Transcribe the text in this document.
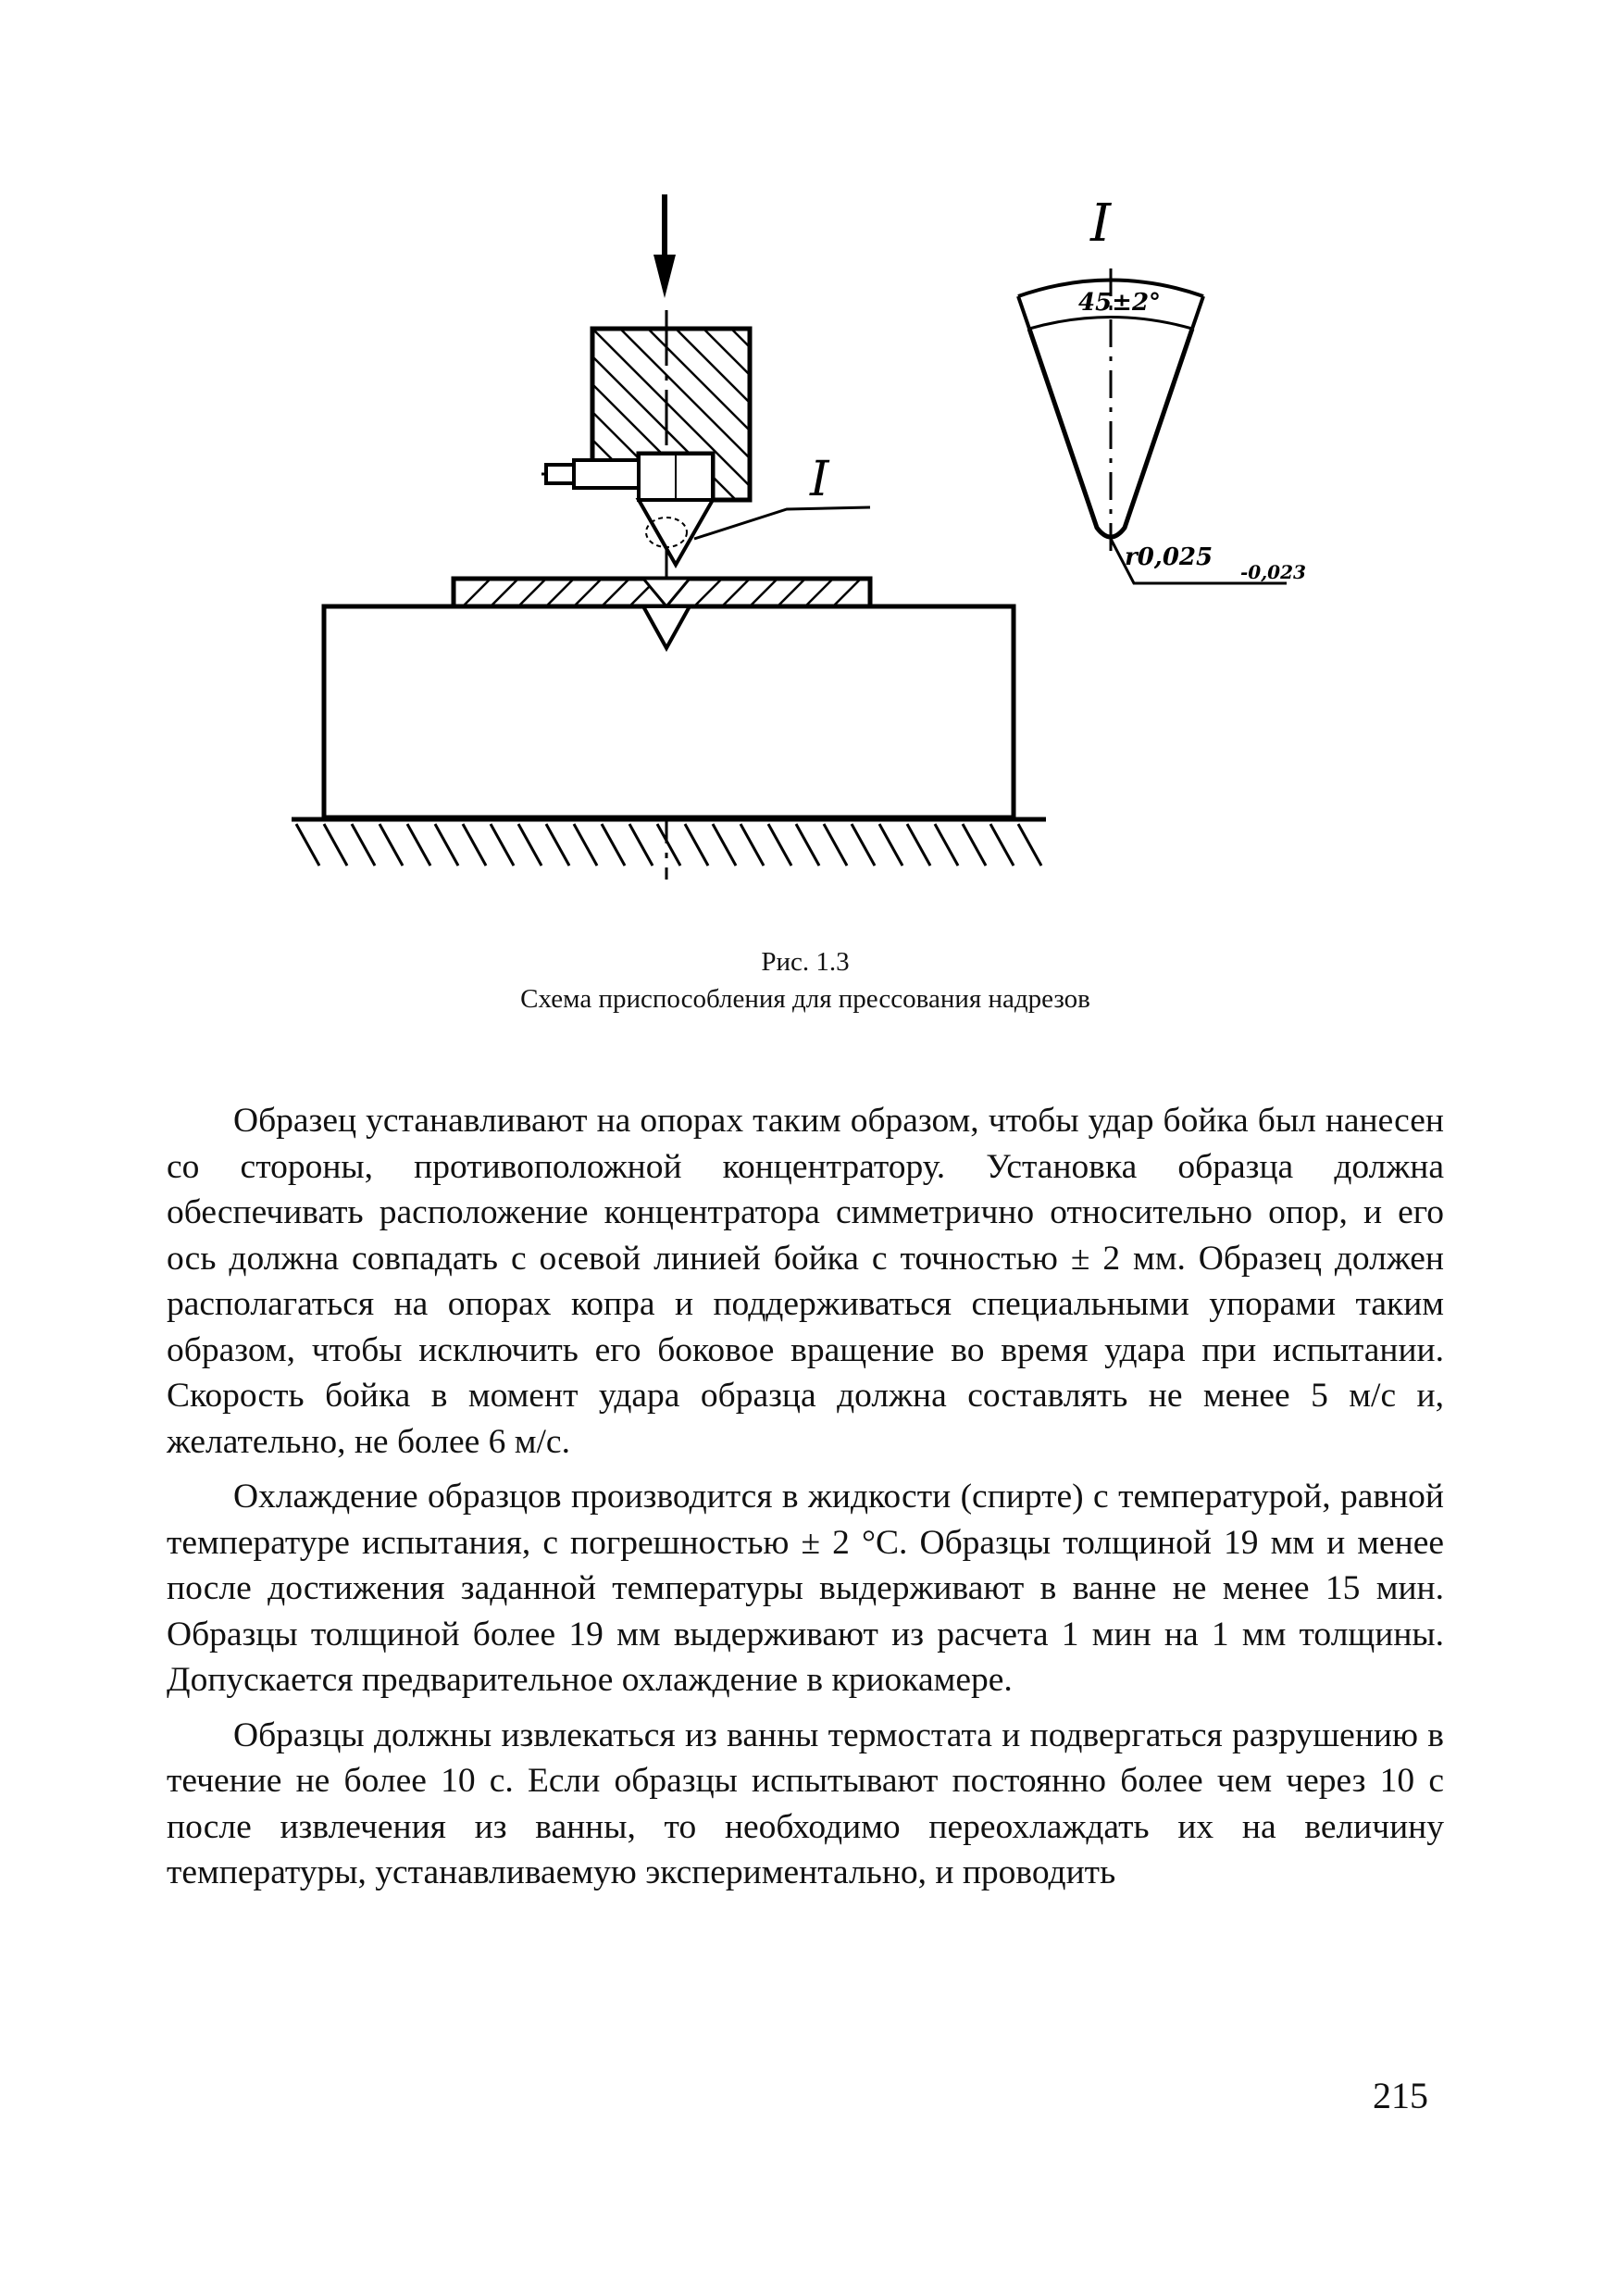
I
I
45±2°
r0,025
-0,023
Рис. 1.3
Схема приспособления для прессования надрезов

Образец устанавливают на опорах таким образом, чтобы удар бойка был нанесен со стороны, противоположной концентратору. Установка образца должна обеспечивать расположение концентратора симметрично относительно опор, и его ось должна совпадать с осевой линией бойка с точностью ± 2 мм. Образец должен располагаться на опорах копра и поддерживаться специальными упорами таким образом, чтобы исключить его боковое вращение во время удара при испытании. Скорость бойка в момент удара образца должна составлять не менее 5 м/с и, желательно, не более 6 м/с.

Охлаждение образцов производится в жидкости (спирте) с температурой, равной температуре испытания, с погрешностью ± 2 °С. Образцы толщиной 19 мм и менее после достижения заданной температуры выдерживают в ванне не менее 15 мин. Образцы толщиной более 19 мм выдерживают из расчета 1 мин на 1 мм толщины. Допускается предварительное охлаждение в криокамере.

Образцы должны извлекаться из ванны термостата и подвергаться разрушению в течение не более 10 с. Если образцы испытывают постоянно более чем через 10 с после извлечения из ванны, то необходимо переохлаждать их на величину температуры, устанавливаемую экспериментально, и проводить

215
